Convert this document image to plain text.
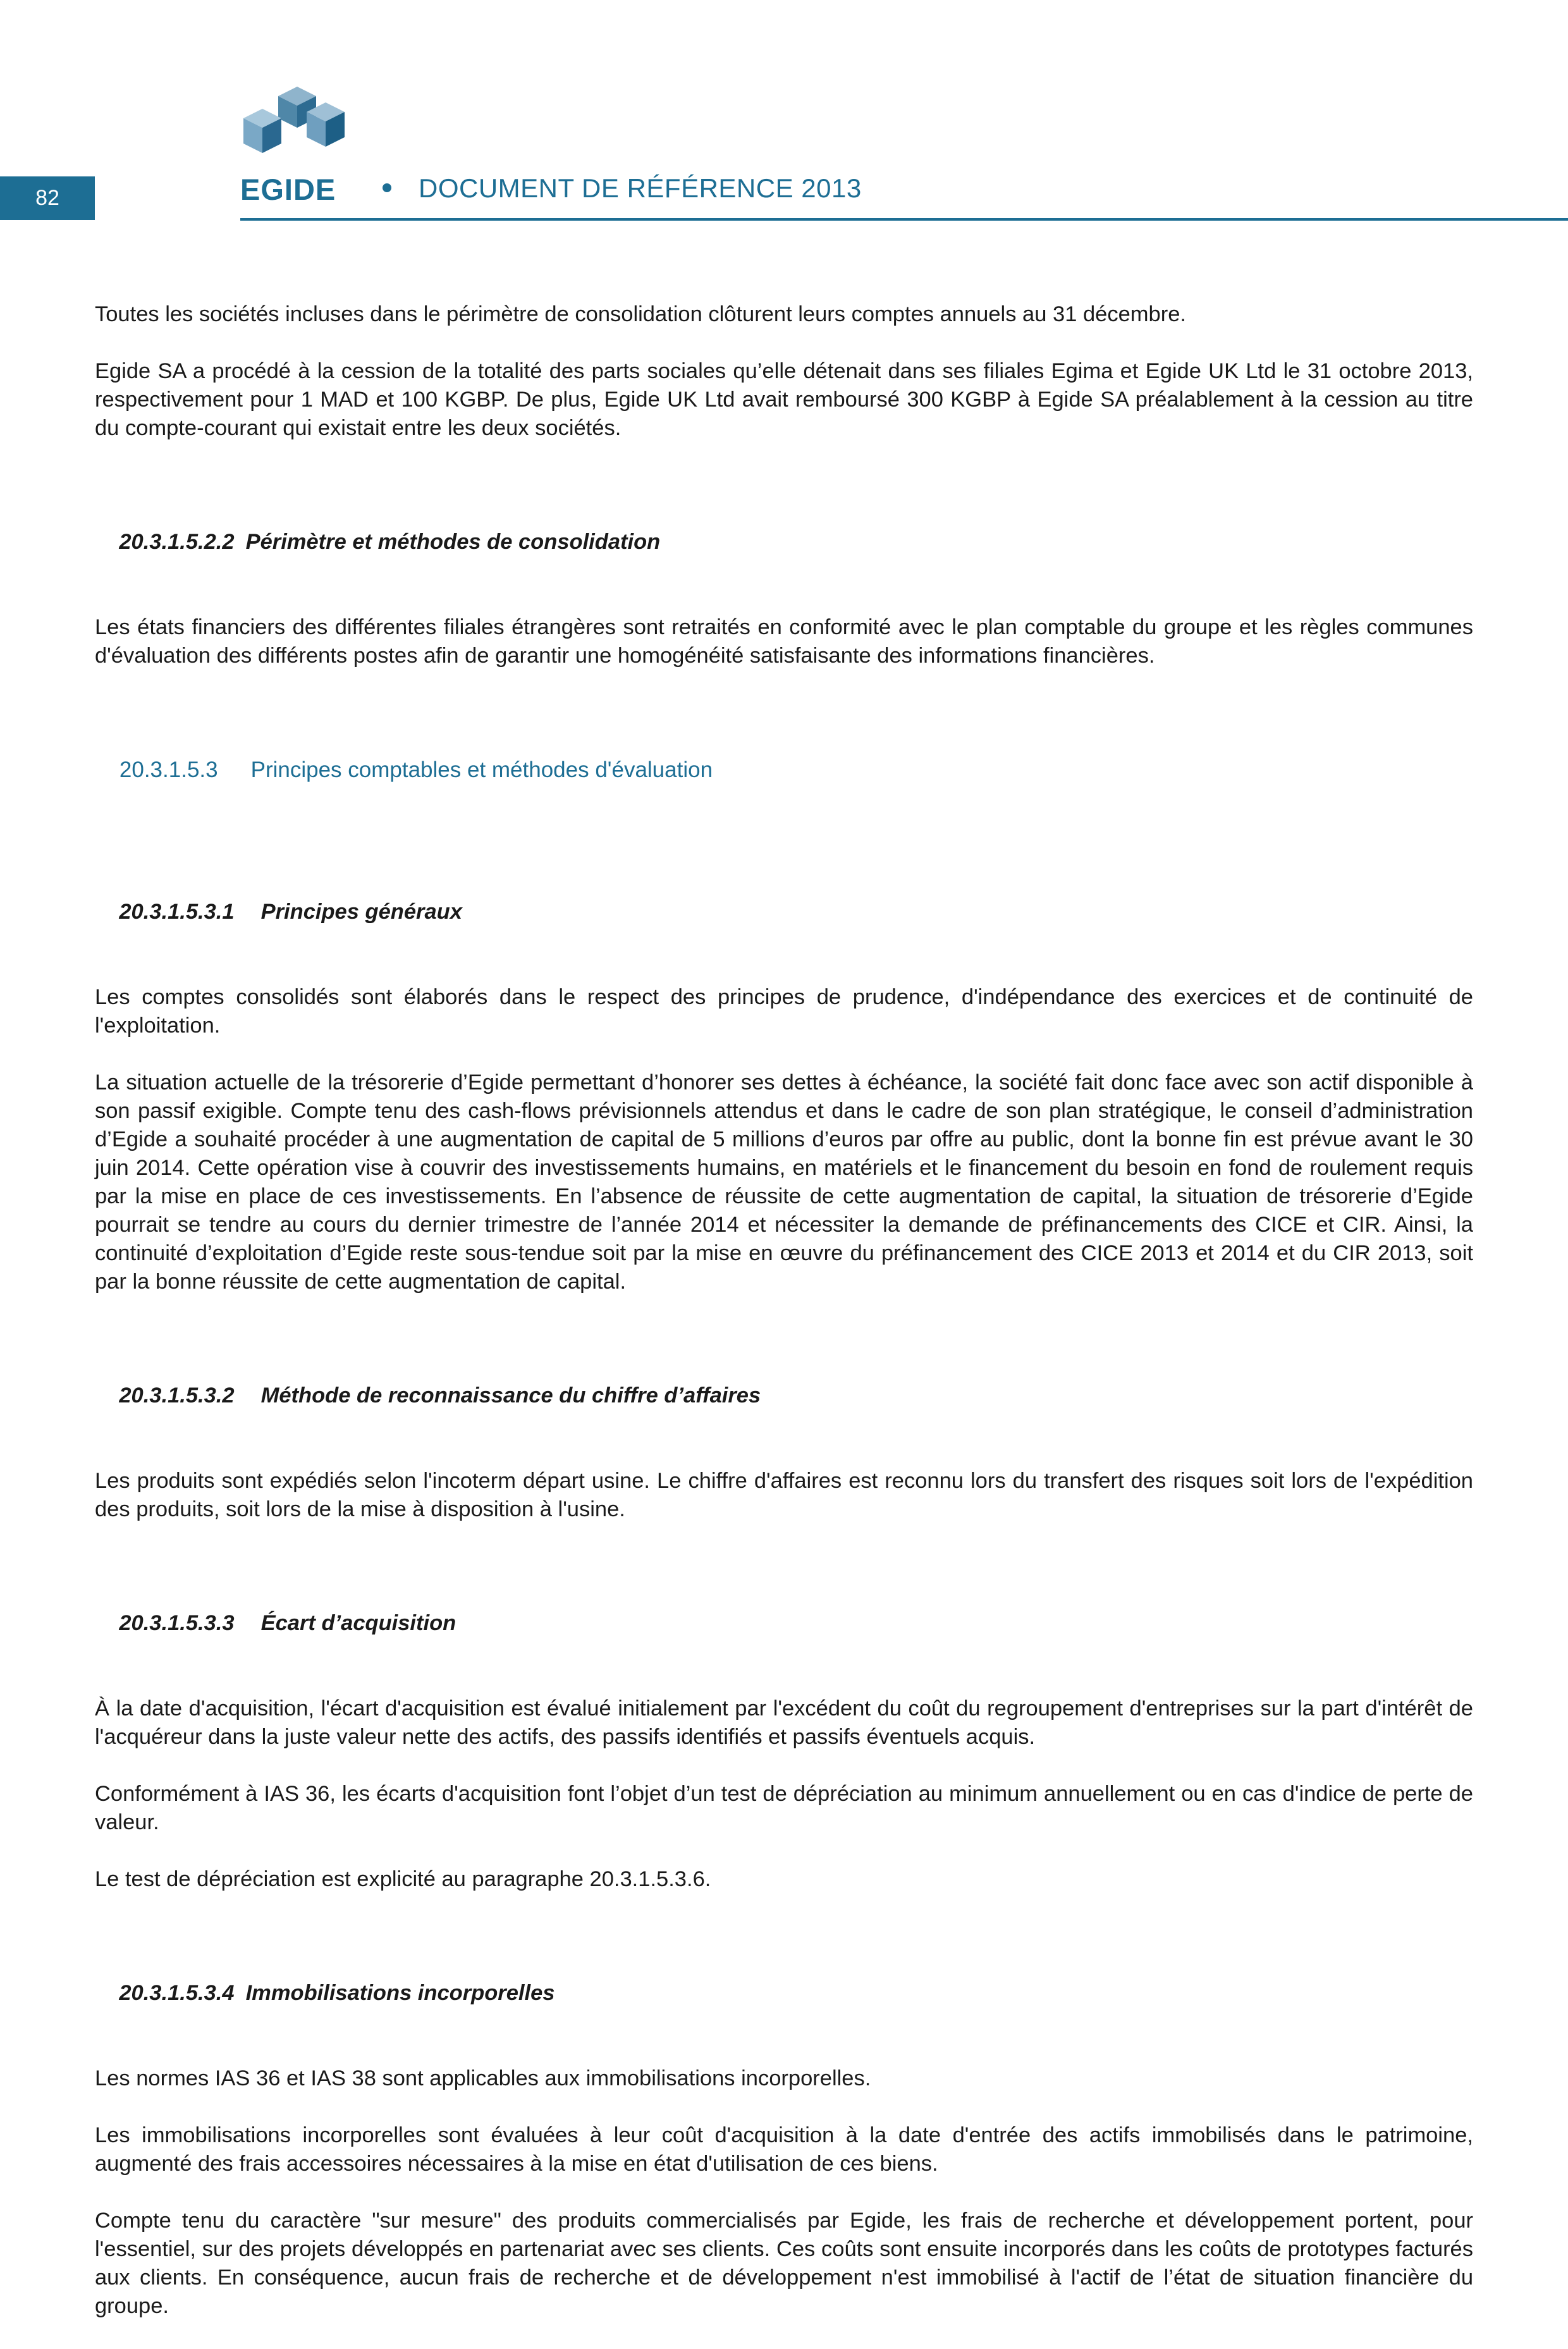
82	EGIDE	DOCUMENT DE RÉFÉRENCE 2013

Toutes les sociétés incluses dans le périmètre de consolidation clôturent leurs comptes annuels au 31 décembre.

Egide SA a procédé à la cession de la totalité des parts sociales qu’elle détenait dans ses filiales Egima et Egide UK Ltd le 31 octobre 2013, respectivement pour 1 MAD et 100 KGBP. De plus, Egide UK Ltd avait remboursé 300 KGBP à Egide SA préalablement à la cession au titre du compte-courant qui existait entre les deux sociétés.

20.3.1.5.2.2 Périmètre et méthodes de consolidation

Les états financiers des différentes filiales étrangères sont retraités en conformité avec le plan comptable du groupe et les règles communes d'évaluation des différents postes afin de garantir une homogénéité satisfaisante des informations financières.

20.3.1.5.3 Principes comptables et méthodes d'évaluation

20.3.1.5.3.1 Principes généraux

Les comptes consolidés sont élaborés dans le respect des principes de prudence, d'indépendance des exercices et de continuité de l'exploitation.

La situation actuelle de la trésorerie d’Egide permettant d’honorer ses dettes à échéance, la société fait donc face avec son actif disponible à son passif exigible. Compte tenu des cash-flows prévisionnels attendus et dans le cadre de son plan stratégique, le conseil d’administration d’Egide a souhaité procéder à une augmentation de capital de 5 millions d’euros par offre au public, dont la bonne fin est prévue avant le 30 juin 2014. Cette opération vise à couvrir des investissements humains, en matériels et le financement du besoin en fond de roulement requis par la mise en place de ces investissements. En l’absence de réussite de cette augmentation de capital, la situation de trésorerie d’Egide pourrait se tendre au cours du dernier trimestre de l’année 2014 et nécessiter la demande de préfinancements des CICE et CIR. Ainsi, la continuité d’exploitation d’Egide reste sous-tendue soit par la mise en œuvre du préfinancement des CICE 2013 et 2014 et du CIR 2013, soit par la bonne réussite de cette augmentation de capital.

20.3.1.5.3.2 Méthode de reconnaissance du chiffre d’affaires

Les produits sont expédiés selon l'incoterm départ usine. Le chiffre d'affaires est reconnu lors du transfert des risques soit lors de l'expédition des produits, soit lors de la mise à disposition à l'usine.

20.3.1.5.3.3 Écart d’acquisition

À la date d'acquisition, l'écart d'acquisition est évalué initialement par l'excédent du coût du regroupement d'entreprises sur la part d'intérêt de l'acquéreur dans la juste valeur nette des actifs, des passifs identifiés et passifs éventuels acquis.

Conformément à IAS 36, les écarts d'acquisition font l’objet d’un test de dépréciation au minimum annuellement ou en cas d'indice de perte de valeur.

Le test de dépréciation est explicité au paragraphe 20.3.1.5.3.6.

20.3.1.5.3.4 Immobilisations incorporelles

Les normes IAS 36 et IAS 38 sont applicables aux immobilisations incorporelles.

Les immobilisations incorporelles sont évaluées à leur coût d'acquisition à la date d'entrée des actifs immobilisés dans le patrimoine, augmenté des frais accessoires nécessaires à la mise en état d'utilisation de ces biens.

Compte tenu du caractère "sur mesure" des produits commercialisés par Egide, les frais de recherche et développement portent, pour l'essentiel, sur des projets développés en partenariat avec ses clients. Ces coûts sont ensuite incorporés dans les coûts de prototypes facturés aux clients. En conséquence, aucun frais de recherche et de développement n'est immobilisé à l'actif de l’état de situation financière du groupe.
